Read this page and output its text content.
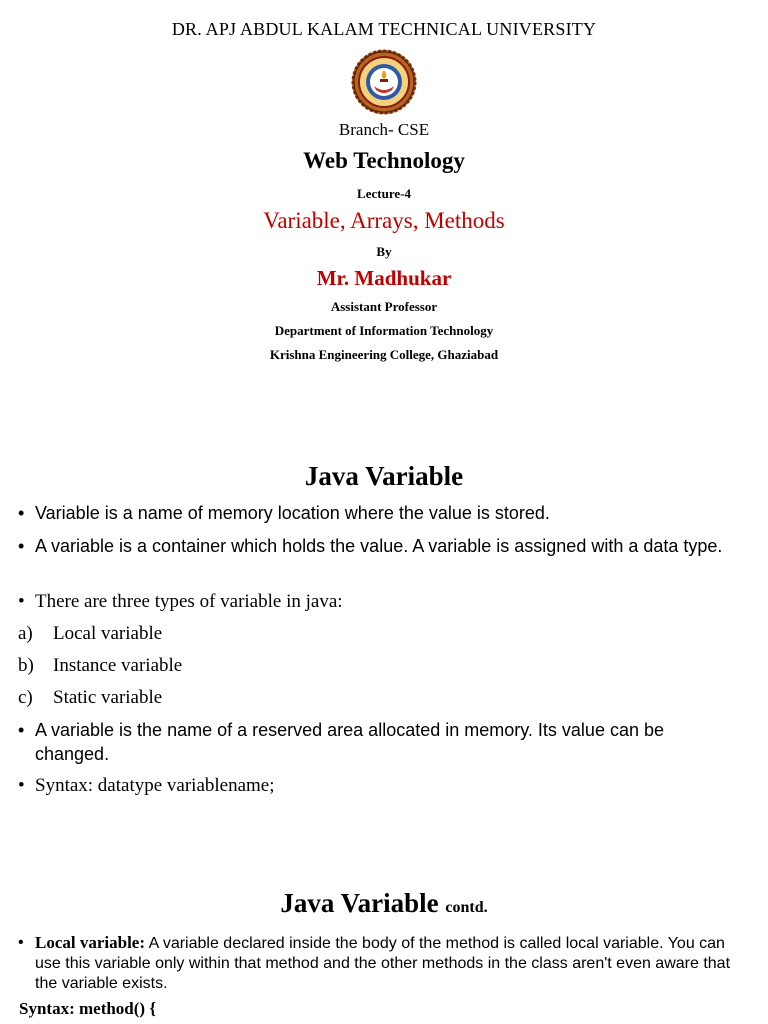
DR. APJ ABDUL KALAM TECHNICAL UNIVERSITY
Branch- CSE
Web Technology
Lecture-4
Variable, Arrays, Methods
By
Mr. Madhukar
Assistant Professor
Department of Information Technology
Krishna Engineering College, Ghaziabad
Java Variable
• Variable is a name of memory location where the value is stored.
• A variable is a container which holds the value. A variable is assigned with a data type.
• There are three types of variable in java:
a) Local variable
b) Instance variable
c) Static variable
• A variable is the name of a reserved area allocated in memory. Its value can be changed.
• Syntax: datatype variablename;
Java Variable contd.
• Local variable: A variable declared inside the body of the method is called local variable. You can use this variable only within that method and the other methods in the class aren't even aware that the variable exists.
Syntax: method() {
